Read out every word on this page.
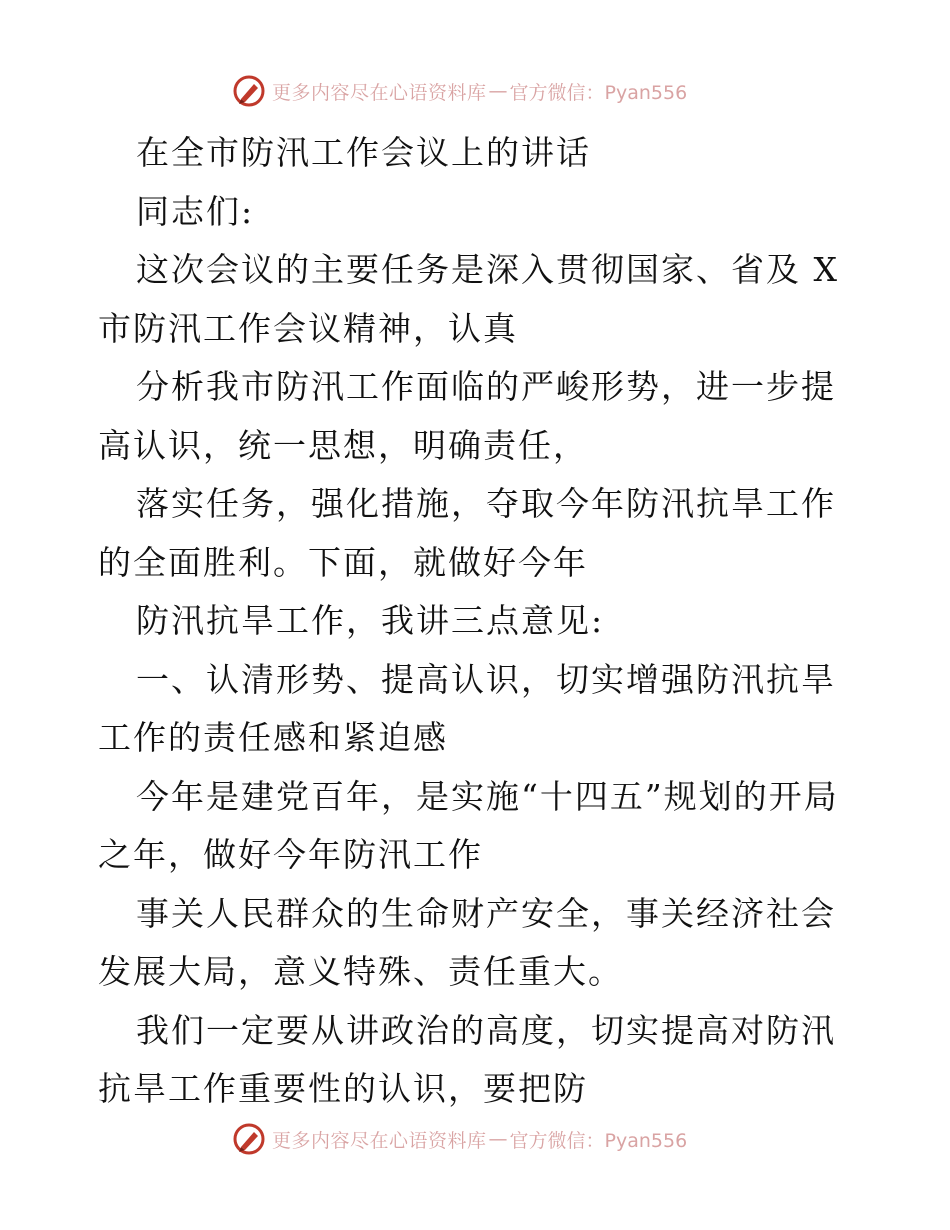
更多内容尽在心语资料库 — 官方微信：Pyan556

在全市防汛工作会议上的讲话

同志们:

这次会议的主要任务是深入贯彻国家、省及 X 市防汛工作会议精神，认真

分析我市防汛工作面临的严峻形势，进一步提高认识，统一思想，明确责任，

落实任务，强化措施，夺取今年防汛抗旱工作的全面胜利。下面，就做好今年

防汛抗旱工作，我讲三点意见:

一、认清形势、提高认识，切实增强防汛抗旱工作的责任感和紧迫感

今年是建党百年，是实施“十四五”规划的开局之年，做好今年防汛工作

事关人民群众的生命财产安全，事关经济社会发展大局，意义特殊、责任重大。

我们一定要从讲政治的高度，切实提高对防汛抗旱工作重要性的认识，要把防

更多内容尽在心语资料库 — 官方微信：Pyan556
